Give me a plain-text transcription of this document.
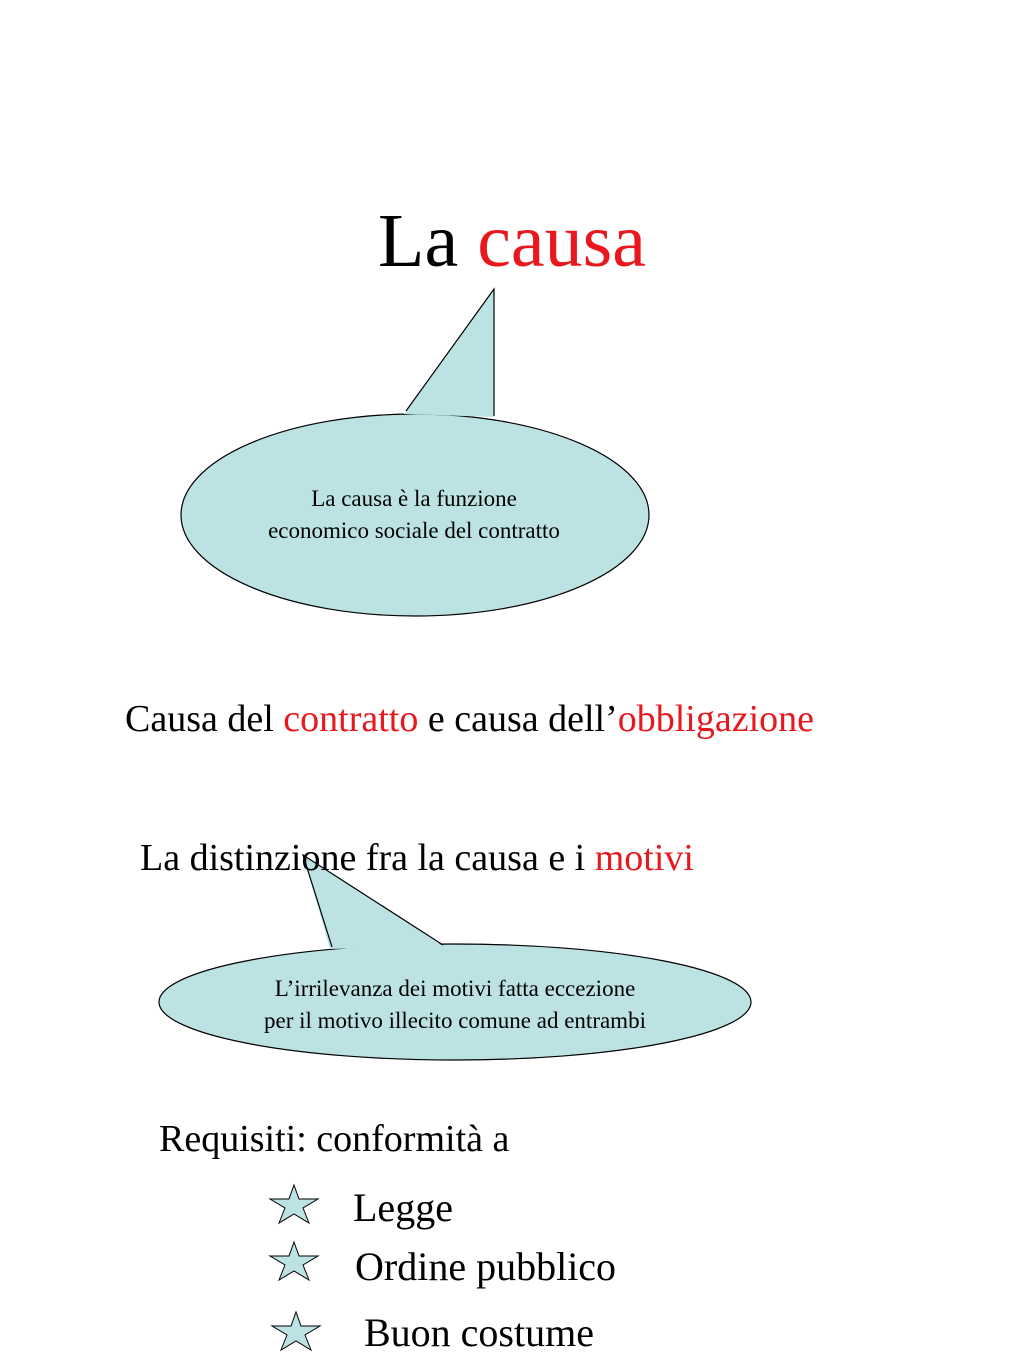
La causa
La causa è la funzione
economico sociale del contratto
Causa del contratto e causa dell’obbligazione
La distinzione fra la causa e i motivi
L’irrilevanza dei motivi fatta eccezione
per il motivo illecito comune ad entrambi
Requisiti: conformità a
Legge
Ordine pubblico
Buon costume
